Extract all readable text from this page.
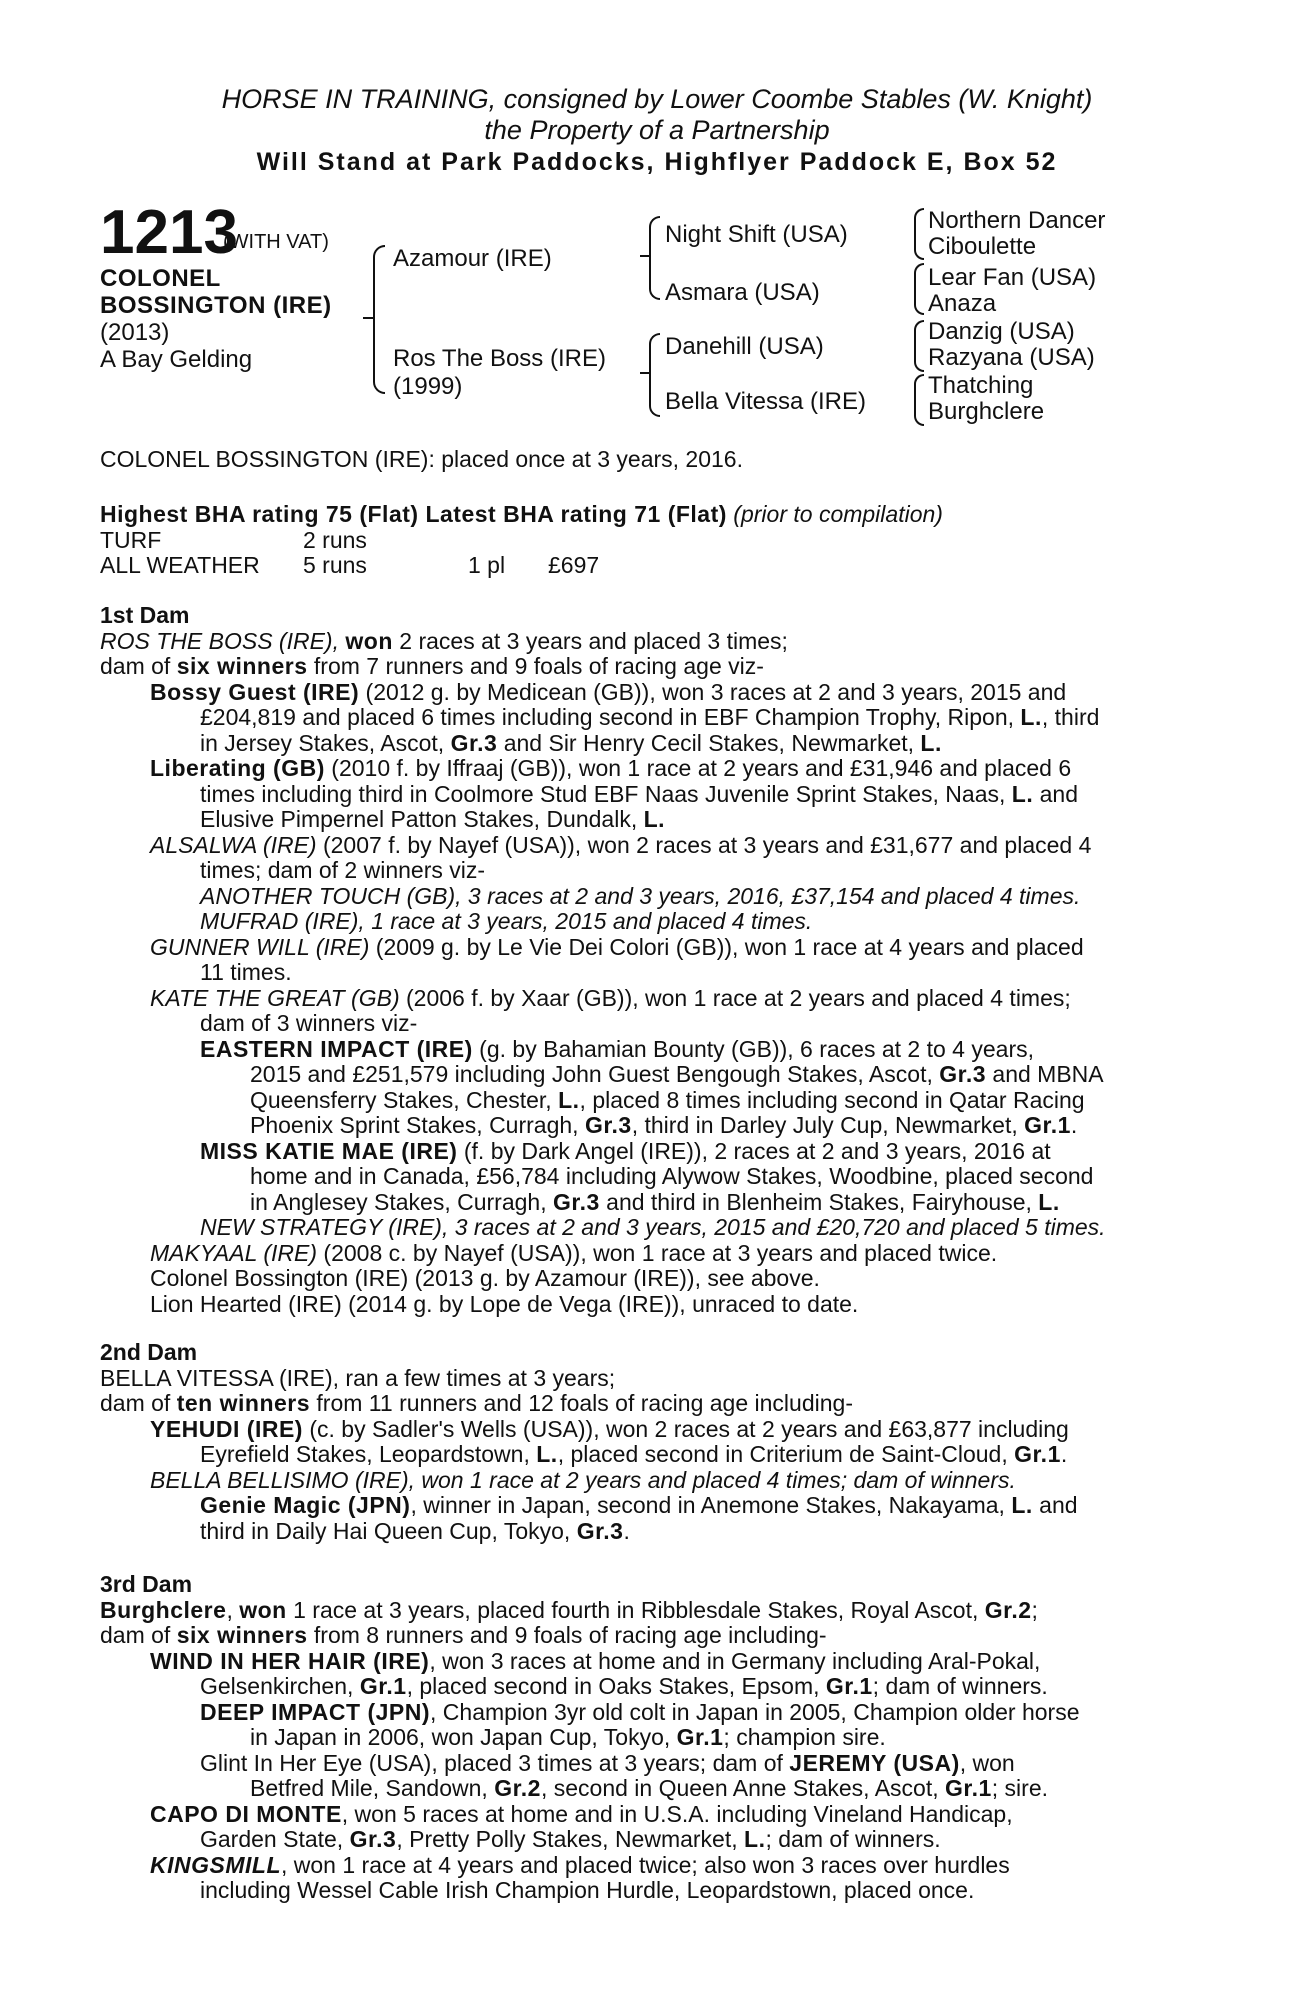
HORSE IN TRAINING, consigned by Lower Coombe Stables (W. Knight)
the Property of a Partnership
Will Stand at Park Paddocks, Highflyer Paddock E, Box 52
1213
(WITH VAT)
COLONEL
BOSSINGTON (IRE)
(2013)
A Bay Gelding
Azamour (IRE)
Ros The Boss (IRE)
(1999)
Night Shift (USA)
Asmara (USA)
Danehill (USA)
Bella Vitessa (IRE)
Northern Dancer
Ciboulette
Lear Fan (USA)
Anaza
Danzig (USA)
Razyana (USA)
Thatching
Burghclere
COLONEL BOSSINGTON (IRE): placed once at 3 years, 2016.
Highest BHA rating 75 (Flat) Latest BHA rating 71 (Flat) (prior to compilation)
TURF	2 runs
ALL WEATHER 5 runs	1 pl £697
1st Dam
ROS THE BOSS (IRE), won 2 races at 3 years and placed 3 times;
dam of six winners from 7 runners and 9 foals of racing age viz-
Bossy Guest (IRE) (2012 g. by Medicean (GB)), won 3 races at 2 and 3 years, 2015 and
£204,819 and placed 6 times including second in EBF Champion Trophy, Ripon, L., third
in Jersey Stakes, Ascot, Gr.3 and Sir Henry Cecil Stakes, Newmarket, L.
Liberating (GB) (2010 f. by Iffraaj (GB)), won 1 race at 2 years and £31,946 and placed 6
times including third in Coolmore Stud EBF Naas Juvenile Sprint Stakes, Naas, L. and
Elusive Pimpernel Patton Stakes, Dundalk, L.
ALSALWA (IRE) (2007 f. by Nayef (USA)), won 2 races at 3 years and £31,677 and placed 4
times; dam of 2 winners viz-
ANOTHER TOUCH (GB), 3 races at 2 and 3 years, 2016, £37,154 and placed 4 times.
MUFRAD (IRE), 1 race at 3 years, 2015 and placed 4 times.
GUNNER WILL (IRE) (2009 g. by Le Vie Dei Colori (GB)), won 1 race at 4 years and placed
11 times.
KATE THE GREAT (GB) (2006 f. by Xaar (GB)), won 1 race at 2 years and placed 4 times;
dam of 3 winners viz-
EASTERN IMPACT (IRE) (g. by Bahamian Bounty (GB)), 6 races at 2 to 4 years,
2015 and £251,579 including John Guest Bengough Stakes, Ascot, Gr.3 and MBNA
Queensferry Stakes, Chester, L., placed 8 times including second in Qatar Racing
Phoenix Sprint Stakes, Curragh, Gr.3, third in Darley July Cup, Newmarket, Gr.1.
MISS KATIE MAE (IRE) (f. by Dark Angel (IRE)), 2 races at 2 and 3 years, 2016 at
home and in Canada, £56,784 including Alywow Stakes, Woodbine, placed second
in Anglesey Stakes, Curragh, Gr.3 and third in Blenheim Stakes, Fairyhouse, L.
NEW STRATEGY (IRE), 3 races at 2 and 3 years, 2015 and £20,720 and placed 5 times.
MAKYAAL (IRE) (2008 c. by Nayef (USA)), won 1 race at 3 years and placed twice.
Colonel Bossington (IRE) (2013 g. by Azamour (IRE)), see above.
Lion Hearted (IRE) (2014 g. by Lope de Vega (IRE)), unraced to date.
2nd Dam
BELLA VITESSA (IRE), ran a few times at 3 years;
dam of ten winners from 11 runners and 12 foals of racing age including-
YEHUDI (IRE) (c. by Sadler's Wells (USA)), won 2 races at 2 years and £63,877 including
Eyrefield Stakes, Leopardstown, L., placed second in Criterium de Saint-Cloud, Gr.1.
BELLA BELLISIMO (IRE), won 1 race at 2 years and placed 4 times; dam of winners.
Genie Magic (JPN), winner in Japan, second in Anemone Stakes, Nakayama, L. and
third in Daily Hai Queen Cup, Tokyo, Gr.3.
3rd Dam
Burghclere, won 1 race at 3 years, placed fourth in Ribblesdale Stakes, Royal Ascot, Gr.2;
dam of six winners from 8 runners and 9 foals of racing age including-
WIND IN HER HAIR (IRE), won 3 races at home and in Germany including Aral-Pokal,
Gelsenkirchen, Gr.1, placed second in Oaks Stakes, Epsom, Gr.1; dam of winners.
DEEP IMPACT (JPN), Champion 3yr old colt in Japan in 2005, Champion older horse
in Japan in 2006, won Japan Cup, Tokyo, Gr.1; champion sire.
Glint In Her Eye (USA), placed 3 times at 3 years; dam of JEREMY (USA), won
Betfred Mile, Sandown, Gr.2, second in Queen Anne Stakes, Ascot, Gr.1; sire.
CAPO DI MONTE, won 5 races at home and in U.S.A. including Vineland Handicap,
Garden State, Gr.3, Pretty Polly Stakes, Newmarket, L.; dam of winners.
KINGSMILL, won 1 race at 4 years and placed twice; also won 3 races over hurdles
including Wessel Cable Irish Champion Hurdle, Leopardstown, placed once.
